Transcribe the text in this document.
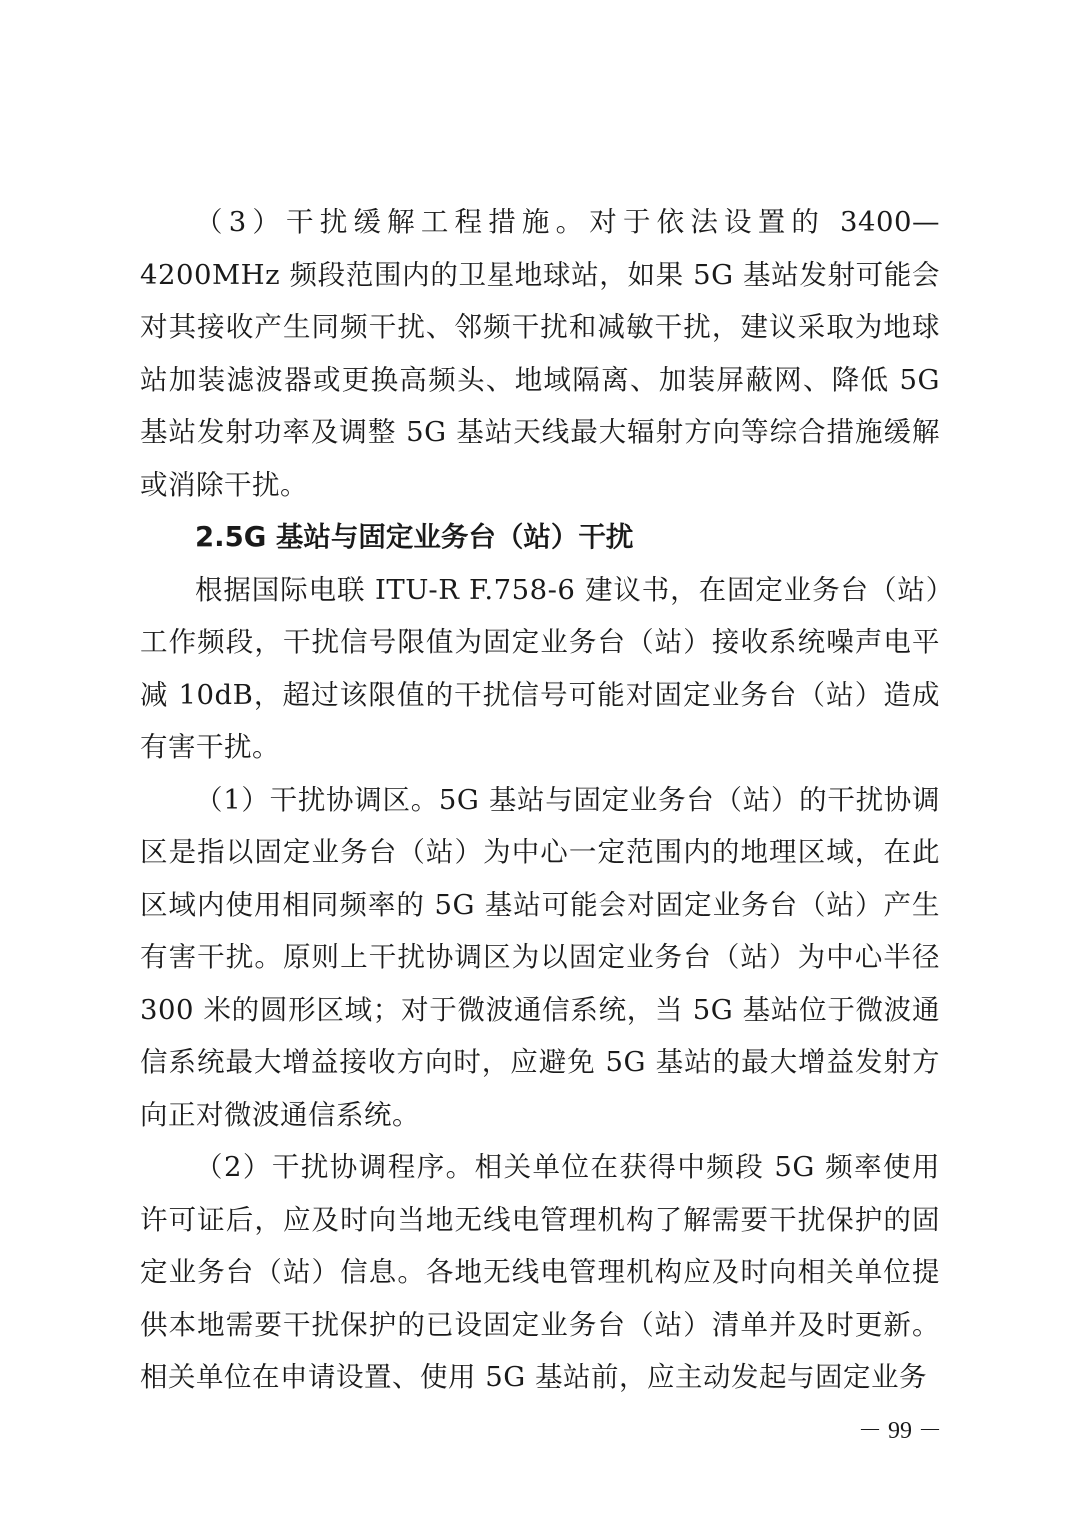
（3）干扰缓解工程措施。对于依法设置的 3400—4200MHz 频段范围内的卫星地球站，如果 5G 基站发射可能会对其接收产生同频干扰、邻频干扰和减敏干扰，建议采取为地球站加装滤波器或更换高频头、地域隔离、加装屏蔽网、降低 5G 基站发射功率及调整 5G 基站天线最大辐射方向等综合措施缓解或消除干扰。

2.5G 基站与固定业务台（站）干扰

根据国际电联 ITU-R F.758-6 建议书，在固定业务台（站）工作频段，干扰信号限值为固定业务台（站）接收系统噪声电平减 10dB，超过该限值的干扰信号可能对固定业务台（站）造成有害干扰。

（1）干扰协调区。5G 基站与固定业务台（站）的干扰协调区是指以固定业务台（站）为中心一定范围内的地理区域，在此区域内使用相同频率的 5G 基站可能会对固定业务台（站）产生有害干扰。原则上干扰协调区为以固定业务台（站）为中心半径 300 米的圆形区域；对于微波通信系统，当 5G 基站位于微波通信系统最大增益接收方向时，应避免 5G 基站的最大增益发射方向正对微波通信系统。

（2）干扰协调程序。相关单位在获得中频段 5G 频率使用许可证后，应及时向当地无线电管理机构了解需要干扰保护的固定业务台（站）信息。各地无线电管理机构应及时向相关单位提供本地需要干扰保护的已设固定业务台（站）清单并及时更新。相关单位在申请设置、使用 5G 基站前，应主动发起与固定业务

－ 99 －
